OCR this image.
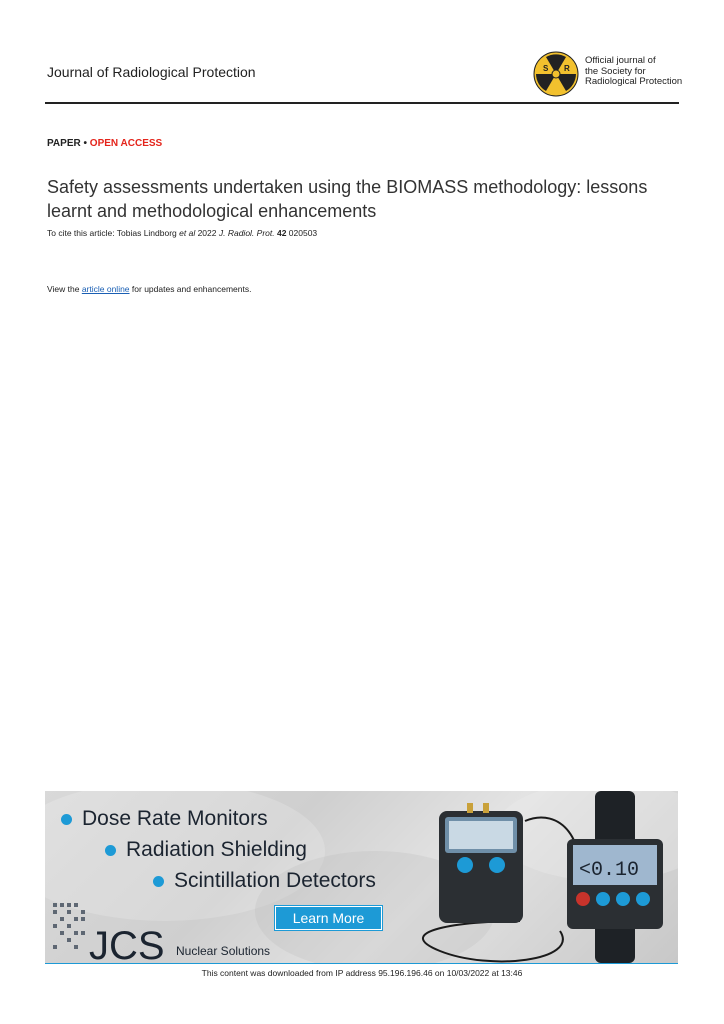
Journal of Radiological Protection	S R
P
Official journal of
the Society for
Radiological Protection
PAPER • OPEN ACCESS
Safety assessments undertaken using the BIOMASS methodology: lessons learnt and methodological enhancements
To cite this article: Tobias Lindborg et al 2022 J. Radiol. Prot. 42 020503
View the article online for updates and enhancements.
Dose Rate Monitors
Radiation Shielding
Scintillation Detectors
Learn More
JCS Nuclear Solutions
<0.10
This content was downloaded from IP address 95.196.196.46 on 10/03/2022 at 13:46
